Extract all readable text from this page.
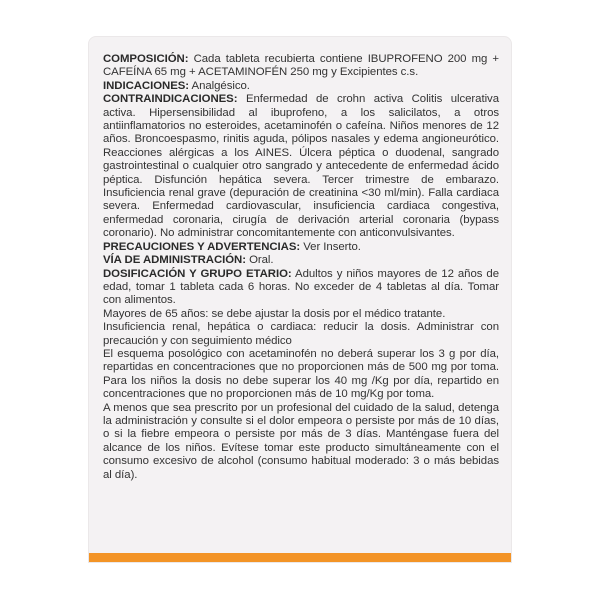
COMPOSICIÓN: Cada tableta recubierta contiene IBUPROFENO 200 mg + CAFEÍNA 65 mg + ACETAMINOFÉN 250 mg y Excipientes c.s.

INDICACIONES: Analgésico.

CONTRAINDICACIONES: Enfermedad de crohn activa Colitis ulcerativa activa. Hipersensibilidad al ibuprofeno, a los salicilatos, a otros antiinflamatorios no esteroides, acetaminofén o cafeína. Niños menores de 12 años. Broncoespasmo, rinitis aguda, pólipos nasales y edema angioneurótico. Reacciones alérgicas a los AINES. Úlcera péptica o duodenal, sangrado gastrointestinal o cualquier otro sangrado y antecedente de enfermedad ácido péptica. Disfunción hepática severa. Tercer trimestre de embarazo. Insuficiencia renal grave (depuración de creatinina <30 ml/min). Falla cardiaca severa. Enfermedad cardiovascular, insuficiencia cardiaca congestiva, enfermedad coronaria, cirugía de derivación arterial coronaria (bypass coronario). No administrar concomitantemente con anticonvulsivantes.

PRECAUCIONES Y ADVERTENCIAS: Ver Inserto.

VÍA DE ADMINISTRACIÓN: Oral.

DOSIFICACIÓN Y GRUPO ETARIO: Adultos y niños mayores de 12 años de edad, tomar 1 tableta cada 6 horas. No exceder de 4 tabletas al día. Tomar con alimentos.

Mayores de 65 años: se debe ajustar la dosis por el médico tratante.

Insuficiencia renal, hepática o cardiaca: reducir la dosis. Administrar con precaución y con seguimiento médico

El esquema posológico con acetaminofén no deberá superar los 3 g por día, repartidas en concentraciones que no proporcionen más de 500 mg por toma. Para los niños la dosis no debe superar los 40 mg /Kg por día, repartido en concentraciones que no proporcionen más de 10 mg/Kg por toma.

A menos que sea prescrito por un profesional del cuidado de la salud, detenga la administración y consulte si el dolor empeora o persiste por más de 10 días, o si la fiebre empeora o persiste por más de 3 días. Manténgase fuera del alcance de los niños. Evítese tomar este producto simultáneamente con el consumo excesivo de alcohol (consumo habitual moderado: 3 o más bebidas al día).
